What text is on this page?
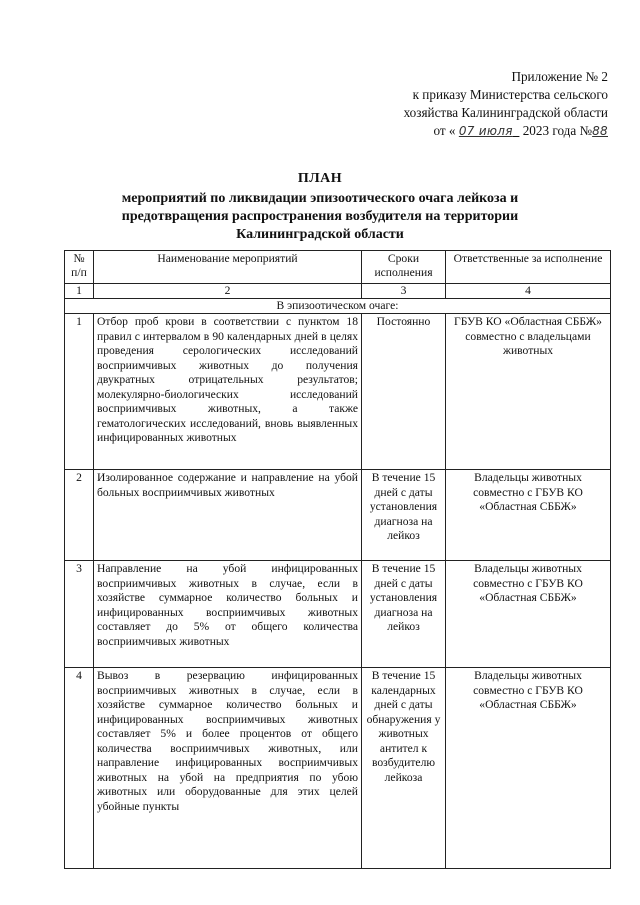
Приложение № 2
к приказу Министерства сельского
хозяйства Калининградской области
от « 07 июля 2023 года №88
ПЛАН
мероприятий по ликвидации эпизоотического очага лейкоза и
предотвращения распространения возбудителя на территории
Калининградской области
№ п/п	Наименование мероприятий	Сроки исполнения	Ответственные за исполнение
1	2	3	4
В эпизоотическом очаге:			
1	Отбор проб крови в соответствии с пунктом 18 правил с интервалом в 90 календарных дней в целях проведения серологических исследований восприимчивых животных до получения двукратных отрицательных результатов; молекулярно-биологических исследований восприимчивых животных, а также гематологических исследований, вновь выявленных инфицированных животных	Постоянно	ГБУВ КО «Областная СББЖ» совместно с владельцами животных
2	Изолированное содержание и направление на убой больных восприимчивых животных	В течение 15 дней с даты установления диагноза на лейкоз	Владельцы животных совместно с ГБУВ КО «Областная СББЖ»
3	Направление на убой инфицированных восприимчивых животных в случае, если в хозяйстве суммарное количество больных и инфицированных восприимчивых животных составляет до 5% от общего количества восприимчивых животных	В течение 15 дней с даты установления диагноза на лейкоз	Владельцы животных совместно с ГБУВ КО «Областная СББЖ»
4	Вывоз в резервацию инфицированных восприимчивых животных в случае, если в хозяйстве суммарное количество больных и инфицированных восприимчивых животных составляет 5% и более процентов от общего количества восприимчивых животных, или направление инфицированных восприимчивых животных на убой на предприятия по убою животных или оборудованные для этих целей убойные пункты	В течение 15 календарных дней с даты обнаружения у животных антител к возбудителю лейкоза	Владельцы животных совместно с ГБУВ КО «Областная СББЖ»
